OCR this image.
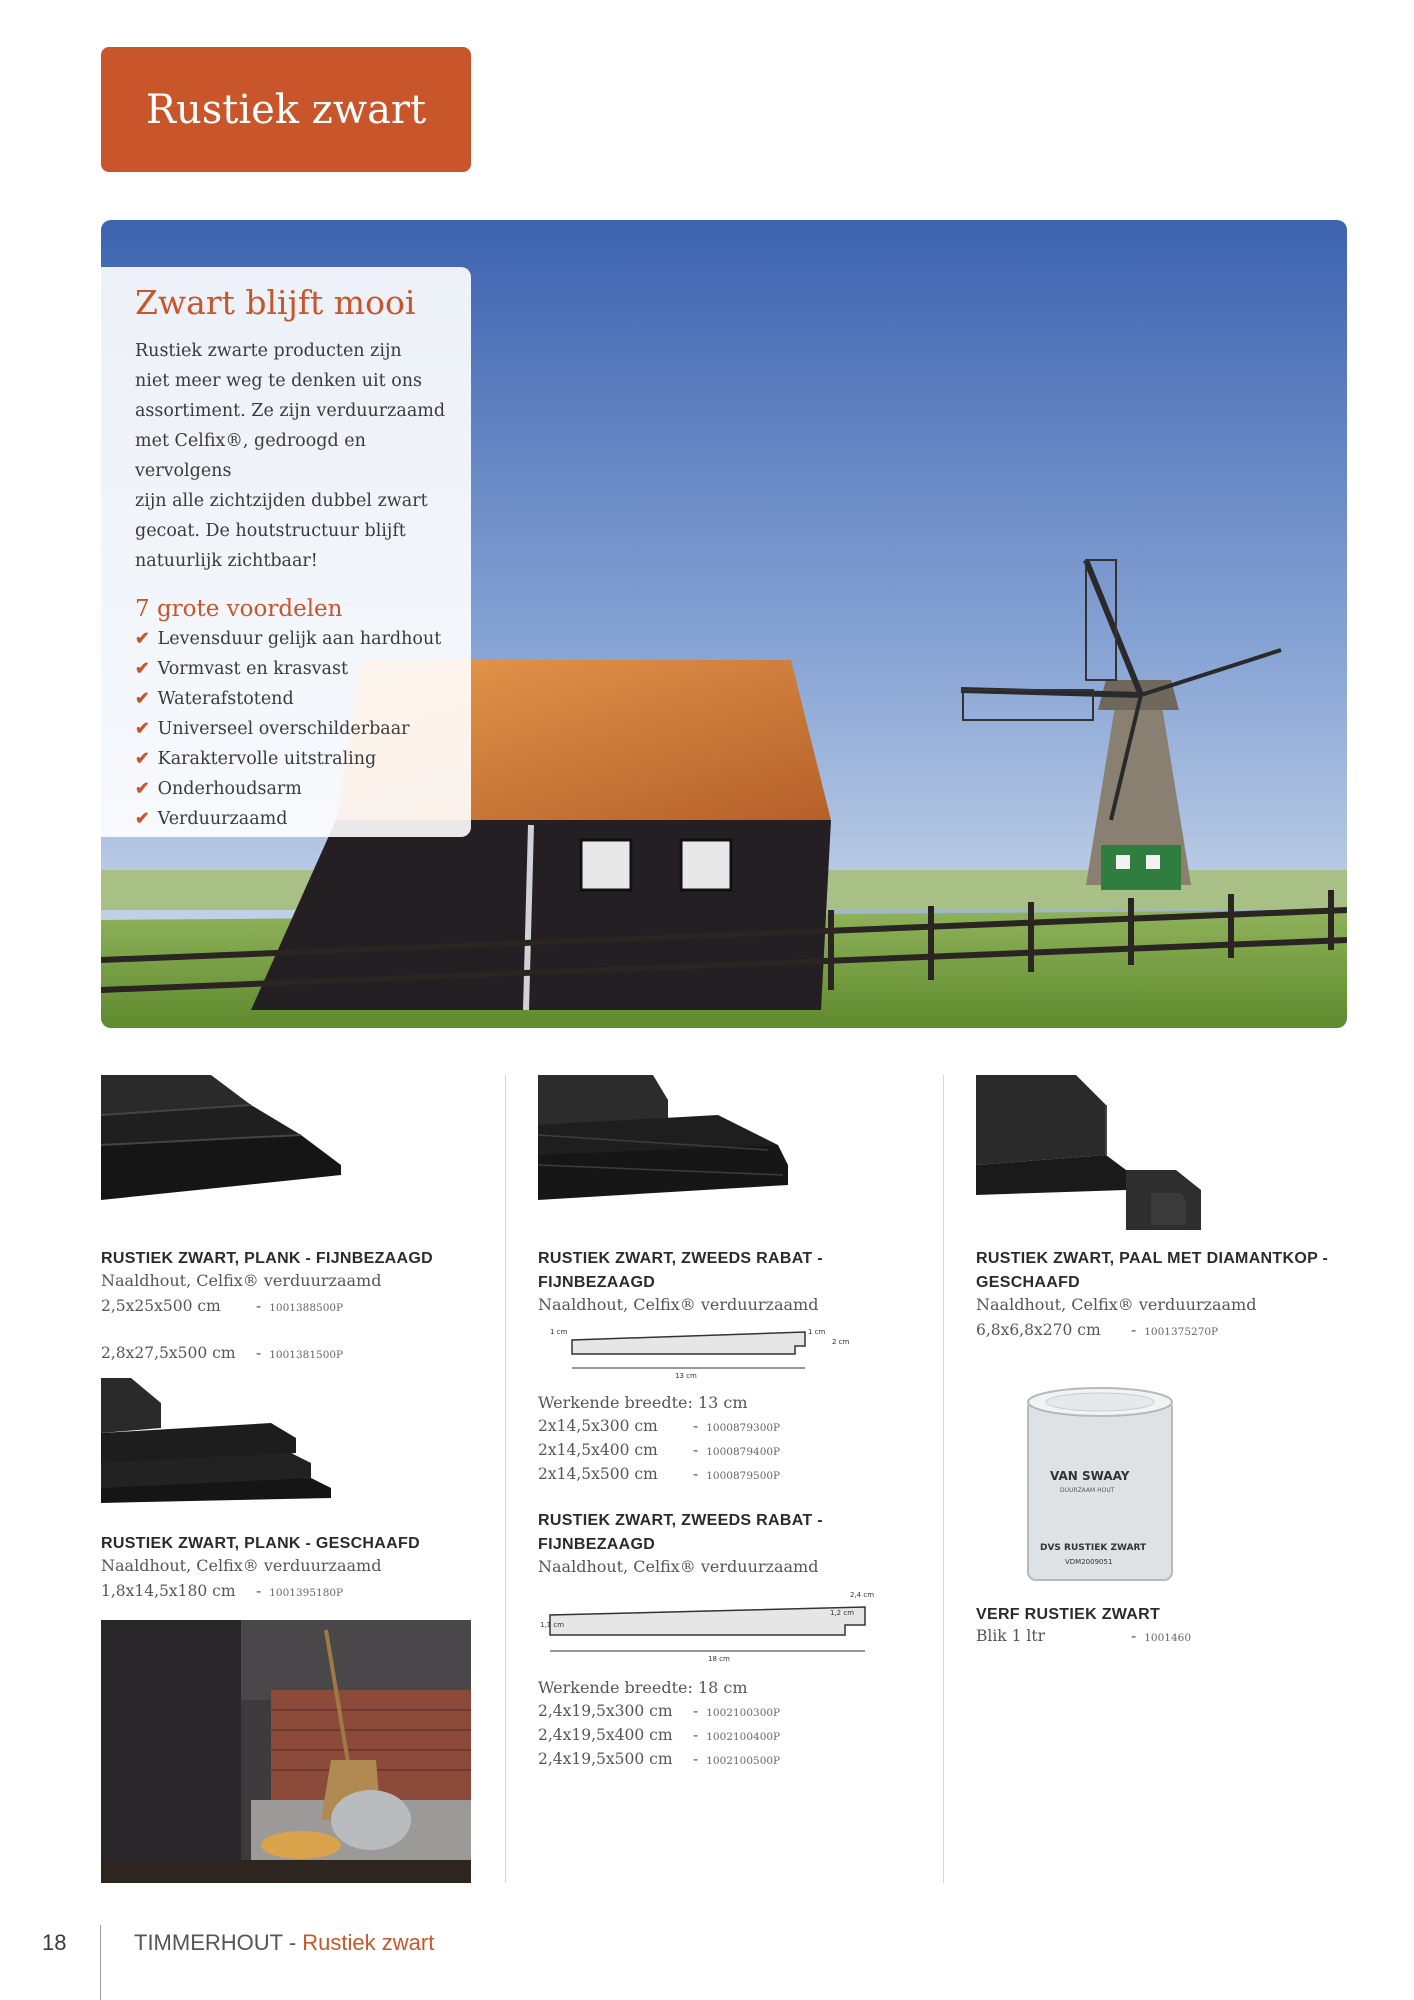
Rustiek zwart
Zwart blijft mooi

Rustiek zwarte producten zijn
niet meer weg te denken uit ons
assortiment. Ze zijn verduurzaamd
met Celfix®, gedroogd en vervolgens
zijn alle zichtzijden dubbel zwart
gecoat. De houtstructuur blijft
natuurlijk zichtbaar!

7 grote voordelen
✔ Levensduur gelijk aan hardhout
✔ Vormvast en krasvast
✔ Waterafstotend
✔ Universeel overschilderbaar
✔ Karaktervolle uitstraling
✔ Onderhoudsarm
✔ Verduurzaamd
RUSTIEK ZWART, PLANK - FIJNBEZAAGD
Naaldhout, Celfix® verduurzaamd
2,5x25x500 cm	- 1001388500P
2,8x27,5x500 cm	- 1001381500P
RUSTIEK ZWART, PLANK - GESCHAAFD
Naaldhout, Celfix® verduurzaamd
1,8x14,5x180 cm	- 1001395180P
RUSTIEK ZWART, ZWEEDS RABAT -
FIJNBEZAAGD
Naaldhout, Celfix® verduurzaamd
1 cm	1 cm
2 cm
13 cm
Werkende breedte: 13 cm
2x14,5x300 cm	- 1000879300P
2x14,5x400 cm	- 1000879400P
2x14,5x500 cm	- 1000879500P
RUSTIEK ZWART, ZWEEDS RABAT -
FIJNBEZAAGD
Naaldhout, Celfix® verduurzaamd
1,1 cm
2,4 cm
1,2 cm
18 cm
Werkende breedte: 18 cm
2,4x19,5x300 cm	- 1002100300P
2,4x19,5x400 cm	- 1002100400P
2,4x19,5x500 cm	- 1002100500P
RUSTIEK ZWART, PAAL MET DIAMANTKOP -
GESCHAAFD
Naaldhout, Celfix® verduurzaamd
6,8x6,8x270 cm	- 1001375270P
VAN SWAAY
DUURZAAM HOUT
DVS RUSTIEK ZWART
VDM2009051
VERF RUSTIEK ZWART
Blik 1 ltr	- 1001460
18	TIMMERHOUT - Rustiek zwart
